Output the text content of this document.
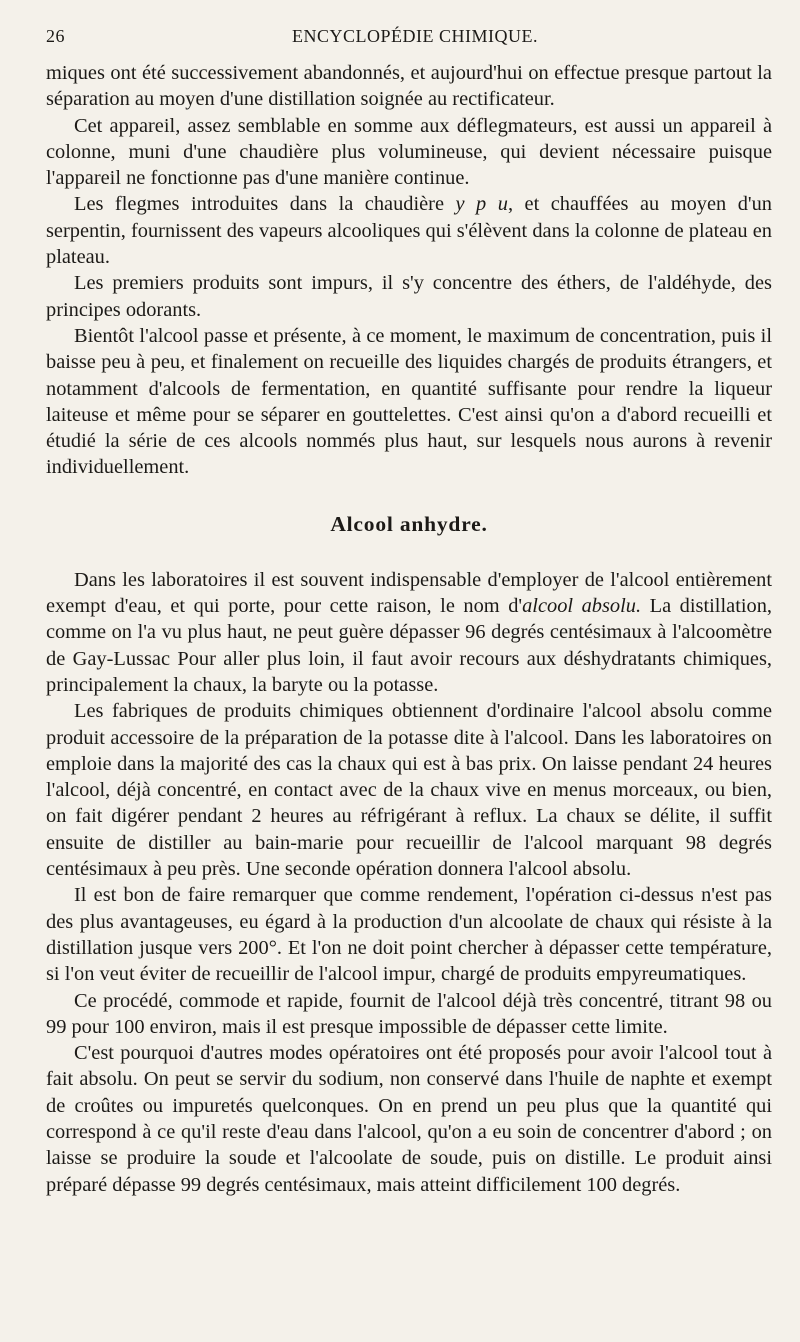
26	ENCYCLOPÉDIE CHIMIQUE.

miques ont été successivement abandonnés, et aujourd'hui on effectue presque partout la séparation au moyen d'une distillation soignée au rectificateur.

Cet appareil, assez semblable en somme aux déflegmateurs, est aussi un appareil à colonne, muni d'une chaudière plus volumineuse, qui devient nécessaire puisque l'appareil ne fonctionne pas d'une manière continue.

Les flegmes introduites dans la chaudière y p u, et chauffées au moyen d'un serpentin, fournissent des vapeurs alcooliques qui s'élèvent dans la colonne de plateau en plateau.

Les premiers produits sont impurs, il s'y concentre des éthers, de l'aldéhyde, des principes odorants.

Bientôt l'alcool passe et présente, à ce moment, le maximum de concentration, puis il baisse peu à peu, et finalement on recueille des liquides chargés de produits étrangers, et notamment d'alcools de fermentation, en quantité suffisante pour rendre la liqueur laiteuse et même pour se séparer en gouttelettes. C'est ainsi qu'on a d'abord recueilli et étudié la série de ces alcools nommés plus haut, sur lesquels nous aurons à revenir individuellement.

Alcool anhydre.

Dans les laboratoires il est souvent indispensable d'employer de l'alcool entièrement exempt d'eau, et qui porte, pour cette raison, le nom d'alcool absolu. La distillation, comme on l'a vu plus haut, ne peut guère dépasser 96 degrés centésimaux à l'alcoomètre de Gay-Lussac Pour aller plus loin, il faut avoir recours aux déshydratants chimiques, principalement la chaux, la baryte ou la potasse.

Les fabriques de produits chimiques obtiennent d'ordinaire l'alcool absolu comme produit accessoire de la préparation de la potasse dite à l'alcool. Dans les laboratoires on emploie dans la majorité des cas la chaux qui est à bas prix. On laisse pendant 24 heures l'alcool, déjà concentré, en contact avec de la chaux vive en menus morceaux, ou bien, on fait digérer pendant 2 heures au réfrigérant à reflux. La chaux se délite, il suffit ensuite de distiller au bain-marie pour recueillir de l'alcool marquant 98 degrés centésimaux à peu près. Une seconde opération donnera l'alcool absolu.

Il est bon de faire remarquer que comme rendement, l'opération ci-dessus n'est pas des plus avantageuses, eu égard à la production d'un alcoolate de chaux qui résiste à la distillation jusque vers 200°. Et l'on ne doit point chercher à dépasser cette température, si l'on veut éviter de recueillir de l'alcool impur, chargé de produits empyreumatiques.

Ce procédé, commode et rapide, fournit de l'alcool déjà très concentré, titrant 98 ou 99 pour 100 environ, mais il est presque impossible de dépasser cette limite.

C'est pourquoi d'autres modes opératoires ont été proposés pour avoir l'alcool tout à fait absolu. On peut se servir du sodium, non conservé dans l'huile de naphte et exempt de croûtes ou impuretés quelconques. On en prend un peu plus que la quantité qui correspond à ce qu'il reste d'eau dans l'alcool, qu'on a eu soin de concentrer d'abord ; on laisse se produire la soude et l'alcoolate de soude, puis on distille. Le produit ainsi préparé dépasse 99 degrés centésimaux, mais atteint difficilement 100 degrés.
